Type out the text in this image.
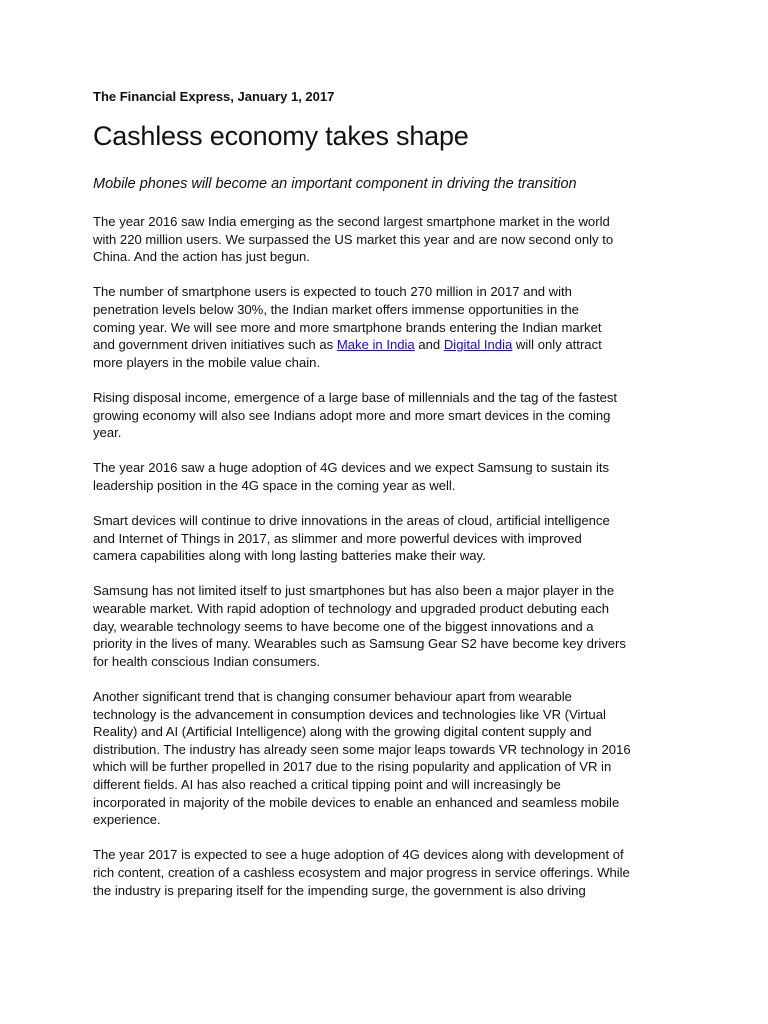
The Financial Express, January 1, 2017
Cashless economy takes shape
Mobile phones will become an important component in driving the transition

The year 2016 saw India emerging as the second largest smartphone market in the world
with 220 million users. We surpassed the US market this year and are now second only to
China. And the action has just begun.

The number of smartphone users is expected to touch 270 million in 2017 and with
penetration levels below 30%, the Indian market offers immense opportunities in the
coming year. We will see more and more smartphone brands entering the Indian market
and government driven initiatives such as Make in India and Digital India will only attract
more players in the mobile value chain.

Rising disposal income, emergence of a large base of millennials and the tag of the fastest
growing economy will also see Indians adopt more and more smart devices in the coming
year.

The year 2016 saw a huge adoption of 4G devices and we expect Samsung to sustain its
leadership position in the 4G space in the coming year as well.

Smart devices will continue to drive innovations in the areas of cloud, artificial intelligence
and Internet of Things in 2017, as slimmer and more powerful devices with improved
camera capabilities along with long lasting batteries make their way.

Samsung has not limited itself to just smartphones but has also been a major player in the
wearable market. With rapid adoption of technology and upgraded product debuting each
day, wearable technology seems to have become one of the biggest innovations and a
priority in the lives of many. Wearables such as Samsung Gear S2 have become key drivers
for health conscious Indian consumers.

Another significant trend that is changing consumer behaviour apart from wearable
technology is the advancement in consumption devices and technologies like VR (Virtual
Reality) and AI (Artificial Intelligence) along with the growing digital content supply and
distribution. The industry has already seen some major leaps towards VR technology in 2016
which will be further propelled in 2017 due to the rising popularity and application of VR in
different fields. AI has also reached a critical tipping point and will increasingly be
incorporated in majority of the mobile devices to enable an enhanced and seamless mobile
experience.

The year 2017 is expected to see a huge adoption of 4G devices along with development of
rich content, creation of a cashless ecosystem and major progress in service offerings. While
the industry is preparing itself for the impending surge, the government is also driving
